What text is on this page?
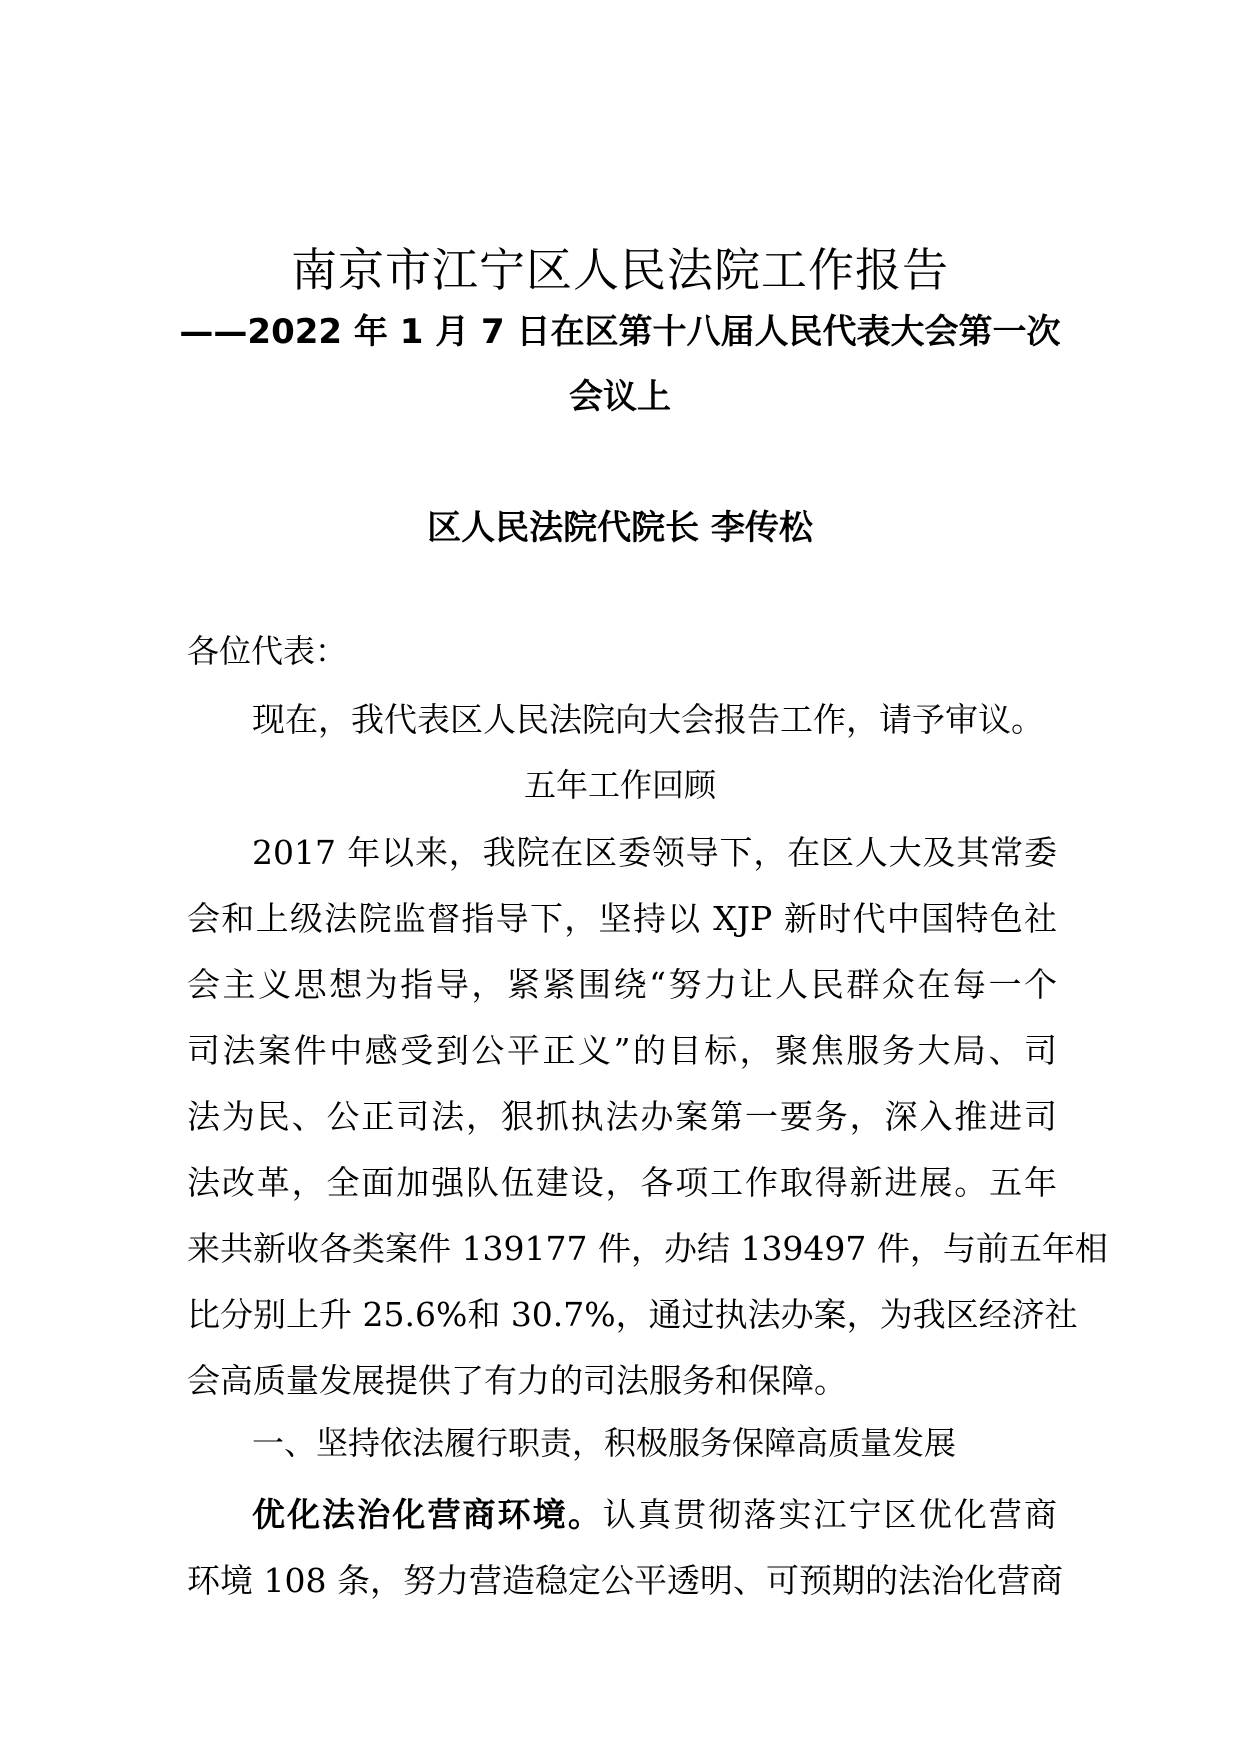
南京市江宁区人民法院工作报告
——2022 年 1 月 7 日在区第十八届人民代表大会第一次
会议上
区人民法院代院长 李传松
各位代表：
现在，我代表区人民法院向大会报告工作，请予审议。
五年工作回顾
2017 年以来，我院在区委领导下，在区人大及其常委
会和上级法院监督指导下，坚持以 XJP 新时代中国特色社
会主义思想为指导，紧紧围绕“努力让人民群众在每一个
司法案件中感受到公平正义”的目标，聚焦服务大局、司
法为民、公正司法，狠抓执法办案第一要务，深入推进司
法改革，全面加强队伍建设，各项工作取得新进展。五年
来共新收各类案件 139177 件，办结 139497 件，与前五年相
比分别上升 25.6%和 30.7%，通过执法办案，为我区经济社
会高质量发展提供了有力的司法服务和保障。
一、坚持依法履行职责，积极服务保障高质量发展
优化法治化营商环境。认真贯彻落实江宁区优化营商
环境 108 条，努力营造稳定公平透明、可预期的法治化营商
